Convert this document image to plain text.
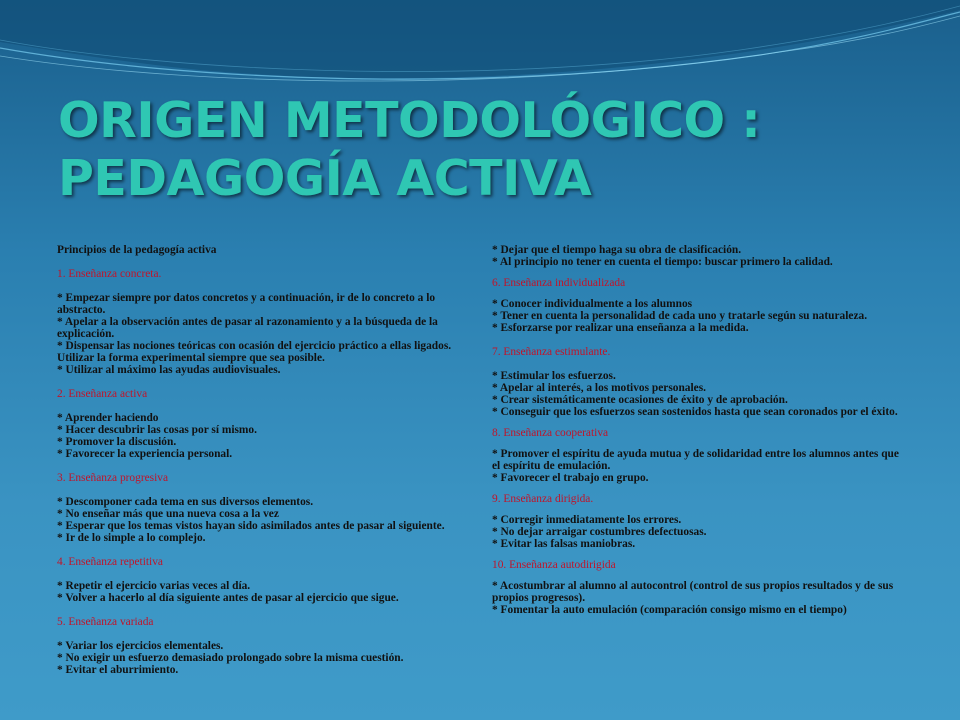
ORIGEN METODOLÓGICO :
PEDAGOGÍA ACTIVA
Principios de la pedagogía activa
1. Enseñanza concreta.
* Empezar siempre por datos concretos y a continuación, ir de lo concreto a lo abstracto.
* Apelar a la observación antes de pasar al razonamiento y a la búsqueda de la explicación.
* Dispensar las nociones teóricas con ocasión del ejercicio práctico a ellas ligados. Utilizar la forma experimental siempre que sea posible.
* Utilizar al máximo las ayudas audiovisuales.
2. Enseñanza activa
* Aprender haciendo
* Hacer descubrir las cosas por sí mismo.
* Promover la discusión.
* Favorecer la experiencia personal.
3. Enseñanza progresiva
* Descomponer cada tema en sus diversos elementos.
* No enseñar más que una nueva cosa a la vez
* Esperar que los temas vistos hayan sido asimilados antes de pasar al siguiente.
* Ir de lo simple a lo complejo.
4. Enseñanza repetitiva
* Repetir el ejercicio varias veces al día.
* Volver a hacerlo al día siguiente antes de pasar al ejercicio que sigue.
5. Enseñanza variada
* Variar los ejercicios elementales.
* No exigir un esfuerzo demasiado prolongado sobre la misma cuestión.
* Evitar el aburrimiento.
* Dejar que el tiempo haga su obra de clasificación.
* Al principio no tener en cuenta el tiempo: buscar primero la calidad.
6. Enseñanza individualizada
* Conocer individualmente a los alumnos
* Tener en cuenta la personalidad de cada uno y tratarle según su naturaleza.
* Esforzarse por realizar una enseñanza a la medida.
7. Enseñanza estimulante.
* Estimular los esfuerzos.
* Apelar al interés, a los motivos personales.
* Crear sistemáticamente ocasiones de éxito y de aprobación.
* Conseguir que los esfuerzos sean sostenidos hasta que sean coronados por el éxito.
8. Enseñanza cooperativa
* Promover el espíritu de ayuda mutua y de solidaridad entre los alumnos antes que el espíritu de emulación.
* Favorecer el trabajo en grupo.
9. Enseñanza dirigida.
* Corregir inmediatamente los errores.
* No dejar arraigar costumbres defectuosas.
* Evitar las falsas maniobras.
10. Enseñanza autodirigida
* Acostumbrar al alumno al autocontrol (control de sus propios resultados y de sus propios progresos).
* Fomentar la auto emulación (comparación consigo mismo en el tiempo)
